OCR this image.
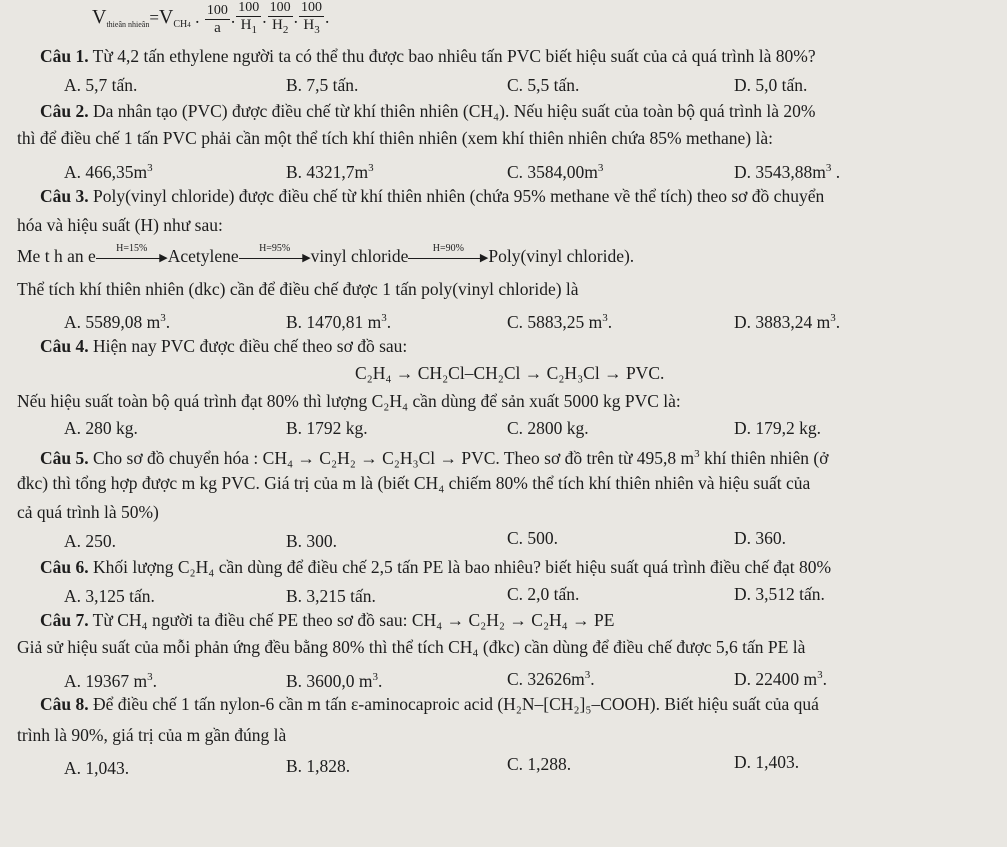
$V_{thieân nhieân}=V_{CH4}$ . $\frac{100}{a}$ . $\frac{100}{H_1}$ . $\frac{100}{H_2}$ . $\frac{100}{H_3}$ .
Câu 1. Từ 4,2 tấn ethylene người ta có thể thu được bao nhiêu tấn PVC biết hiệu suất của cả quá trình là 80%?
A. 5,7 tấn.	B. 7,5 tấn.	C. 5,5 tấn.	D. 5,0 tấn.
Câu 2. Da nhân tạo (PVC) được điều chế từ khí thiên nhiên (CH₄). Nếu hiệu suất của toàn bộ quá trình là 20%
thì để điều chế 1 tấn PVC phải cần một thể tích khí thiên nhiên (xem khí thiên nhiên chứa 85% methane) là:
A. $466,35m^3$	B. $4321,7m^3$	C. $3584,00m^3$	D. $3543,88m^3$ .
Câu 3. Poly(vinyl chloride) được điều chế từ khí thiên nhiên (chứa 95% methane về thể tích) theo sơ đồ chuyển
hóa và hiệu suất (H) như sau:
Me t h an e	H=15%
▶ Acetylene	H=95%
▶ vinyl chloride	H=90%
▶ Poly(vinyl chloride).
Thể tích khí thiên nhiên (dkc) cần để điều chế được 1 tấn poly(vinyl chloride) là
A. 5589,08 $m^3$.	B. 1470,81 $m^3$.	C. 5883,25 $m^3$.	D. 3883,24 $m^3$.
Câu 4. Hiện nay PVC được điều chế theo sơ đồ sau:
C₂H₄ → CH₂Cl–CH₂Cl → C₂H₃Cl → PVC.
Nếu hiệu suất toàn bộ quá trình đạt 80% thì lượng C₂H₄ cần dùng để sản xuất 5000 kg PVC là:
A. 280 kg.	B. 1792 kg.	C. 2800 kg.	D. 179,2 kg.
Câu 5. Cho sơ đồ chuyển hóa : CH₄ → C₂H₂ → C₂H₃Cl → PVC. Theo sơ đồ trên từ 495,8 $m^3$ khí thiên nhiên (ở
đkc) thì tổng hợp được m kg PVC. Giá trị của m là (biết CH₄ chiếm 80% thể tích khí thiên nhiên và hiệu suất của
cả quá trình là 50%)
A. 250.	B. 300.	C. 500.	D. 360.
Câu 6. Khối lượng C₂H₄ cần dùng để điều chế 2,5 tấn PE là bao nhiêu? biết hiệu suất quá trình điều chế đạt 80%
A. 3,125 tấn.	B. 3,215 tấn.	C. 2,0 tấn.	D. 3,512 tấn.
Câu 7. Từ CH₄ người ta điều chế PE theo sơ đồ sau: CH₄ → C₂H₂ → C₂H₄ → PE
Giả sử hiệu suất của mỗi phản ứng đều bằng 80% thì thể tích CH₄ (đkc) cần dùng để điều chế được 5,6 tấn PE là
A. 19367 $m^3$.	B. 3600,0 $m^3$.	C. $32626m^3$.	D. 22400 $m^3$.
Câu 8. Để điều chế 1 tấn nylon-6 cần m tấn ε-aminocaproic acid (H₂N–[CH₂]₅–COOH). Biết hiệu suất của quá
trình là 90%, giá trị của m gần đúng là
A. 1,043.	B. 1,828.	C. 1,288.	D. 1,403.
